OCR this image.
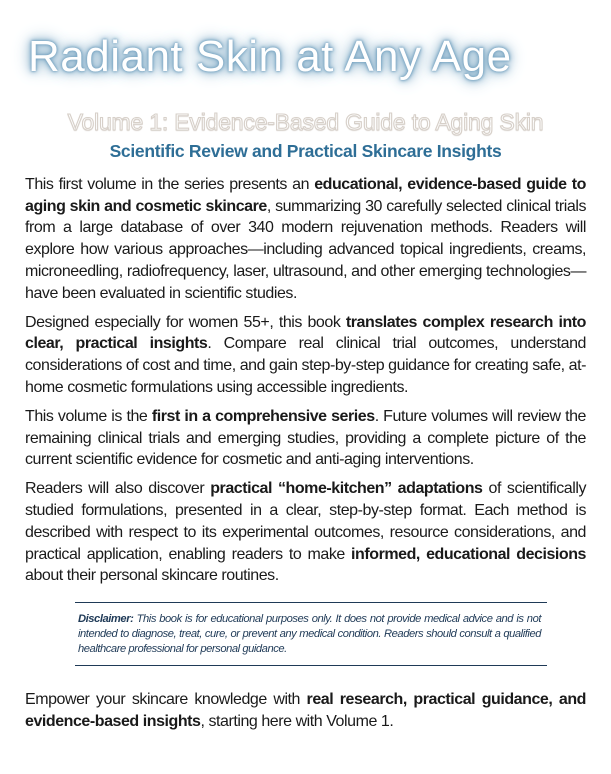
Radiant Skin at Any Age
Volume 1: Evidence-Based Guide to Aging Skin
Scientific Review and Practical Skincare Insights

This first volume in the series presents an educational, evidence-based guide to aging skin and cosmetic skincare, summarizing 30 carefully selected clinical trials from a large database of over 340 modern rejuvenation methods. Readers will explore how various approaches—including advanced topical ingredients, creams, microneedling, radiofrequency, laser, ultrasound, and other emerging technologies—have been evaluated in scientific studies.

Designed especially for women 55+, this book translates complex research into clear, practical insights. Compare real clinical trial outcomes, understand considerations of cost and time, and gain step-by-step guidance for creating safe, at-home cosmetic formulations using accessible ingredients.

This volume is the first in a comprehensive series. Future volumes will review the remaining clinical trials and emerging studies, providing a complete picture of the current scientific evidence for cosmetic and anti-aging interventions.

Readers will also discover practical “home-kitchen” adaptations of scientifically studied formulations, presented in a clear, step-by-step format. Each method is described with respect to its experimental outcomes, resource considerations, and practical application, enabling readers to make informed, educational decisions about their personal skincare routines.

Disclaimer: This book is for educational purposes only. It does not provide medical advice and is not intended to diagnose, treat, cure, or prevent any medical condition. Readers should consult a qualified healthcare professional for personal guidance.

Empower your skincare knowledge with real research, practical guidance, and evidence-based insights, starting here with Volume 1.
